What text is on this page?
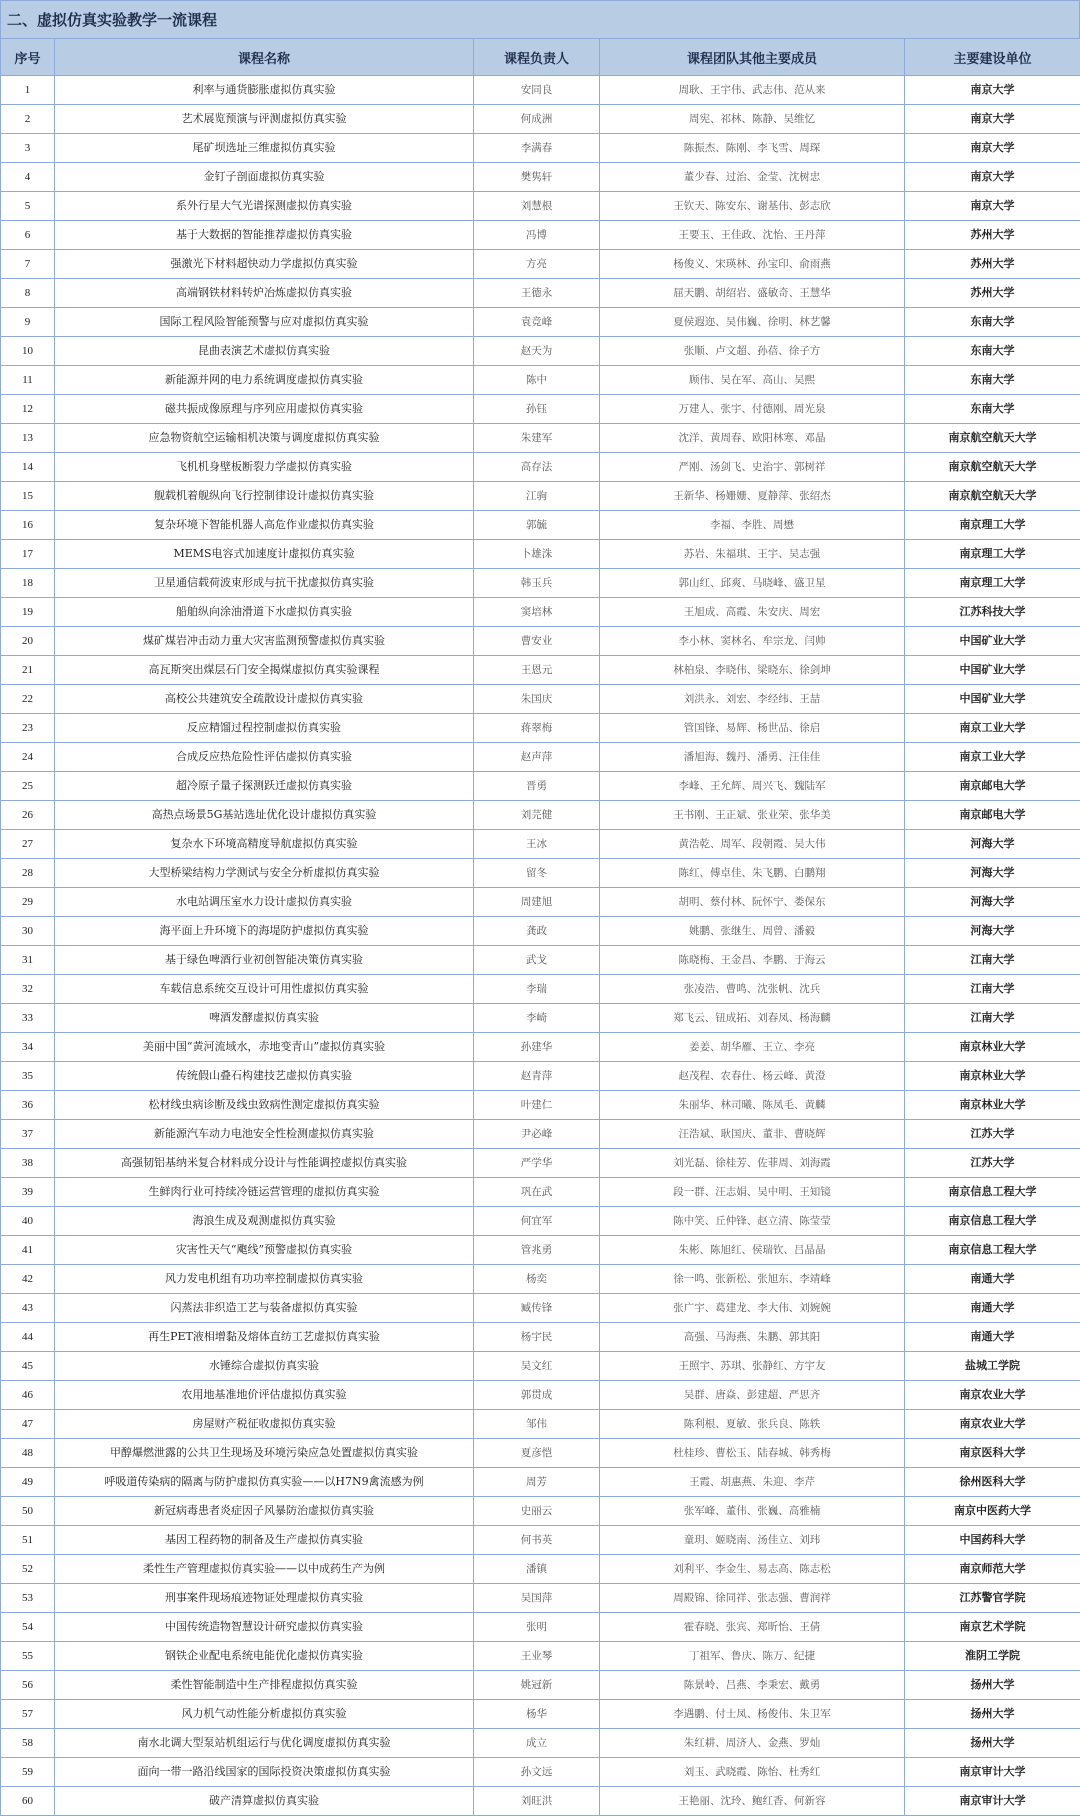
二、虚拟仿真实验教学一流课程
序号	课程名称	课程负责人	课程团队其他主要成员	主要建设单位
1	利率与通货膨胀虚拟仿真实验	安同良	周耿、王宇伟、武志伟、范从来	南京大学
2	艺术展览预演与评测虚拟仿真实验	何成洲	周宪、祁林、陈静、吴维忆	南京大学
3	尾矿坝选址三维虚拟仿真实验	李满春	陈振杰、陈刚、李飞雪、周琛	南京大学
4	金钉子剖面虚拟仿真实验	樊隽轩	董少春、过治、金莹、沈树忠	南京大学
5	系外行星大气光谱探测虚拟仿真实验	刘慧根	王钦天、陈安东、谢基伟、彭志欣	南京大学
6	基于大数据的智能推荐虚拟仿真实验	冯博	王要玉、王佳政、沈怡、王丹萍	苏州大学
7	强激光下材料超快动力学虚拟仿真实验	方亮	杨俊义、宋瑛林、孙宝印、俞雨燕	苏州大学
8	高端钢铁材料转炉冶炼虚拟仿真实验	王德永	屈天鹏、胡绍岩、盛敏奇、王慧华	苏州大学
9	国际工程风险智能预警与应对虚拟仿真实验	袁竞峰	夏侯遐迩、吴伟巍、徐明、林艺馨	东南大学
10	昆曲表演艺术虚拟仿真实验	赵天为	张顺、卢文超、孙蓓、徐子方	东南大学
11	新能源并网的电力系统调度虚拟仿真实验	陈中	顾伟、吴在军、高山、吴熙	东南大学
12	磁共振成像原理与序列应用虚拟仿真实验	孙钰	万建人、张宇、付德刚、周光泉	东南大学
13	应急物资航空运输相机决策与调度虚拟仿真实验	朱建军	沈洋、黄周春、欧阳林寒、邓晶	南京航空航天大学
14	飞机机身壁板断裂力学虚拟仿真实验	高存法	严刚、汤剑飞、史治宇、郭树祥	南京航空航天大学
15	舰载机着舰纵向飞行控制律设计虚拟仿真实验	江驹	王新华、杨姗姗、夏静萍、张绍杰	南京航空航天大学
16	复杂环境下智能机器人高危作业虚拟仿真实验	郭毓	李福、李胜、周懋	南京理工大学
17	MEMS电容式加速度计虚拟仿真实验	卜雄洙	苏岩、朱福琪、王宇、吴志强	南京理工大学
18	卫星通信载荷波束形成与抗干扰虚拟仿真实验	韩玉兵	郭山红、邱爽、马晓峰、盛卫星	南京理工大学
19	船舶纵向涂油滑道下水虚拟仿真实验	窦培林	王旭成、高霞、朱安庆、周宏	江苏科技大学
20	煤矿煤岩冲击动力重大灾害监测预警虚拟仿真实验	曹安业	李小林、窦林名、牟宗龙、闫帅	中国矿业大学
21	高瓦斯突出煤层石门安全揭煤虚拟仿真实验课程	王恩元	林柏泉、李晓伟、梁晓东、徐剑坤	中国矿业大学
22	高校公共建筑安全疏散设计虚拟仿真实验	朱国庆	刘洪永、刘宏、李经纬、王喆	中国矿业大学
23	反应精馏过程控制虚拟仿真实验	蒋翠梅	管国锋、易辉、杨世品、徐启	南京工业大学
24	合成反应热危险性评估虚拟仿真实验	赵声萍	潘旭海、魏丹、潘勇、汪佳佳	南京工业大学
25	超冷原子量子探测跃迁虚拟仿真实验	晋勇	李峰、王允辉、周兴飞、魏陆军	南京邮电大学
26	高热点场景5G基站选址优化设计虚拟仿真实验	刘芫健	王书刚、王正斌、张业荣、张华美	南京邮电大学
27	复杂水下环境高精度导航虚拟仿真实验	王冰	黄浩乾、周军、段朝霞、吴大伟	河海大学
28	大型桥梁结构力学测试与安全分析虚拟仿真实验	留冬	陈红、傅卓佳、朱飞鹏、白鹏翔	河海大学
29	水电站调压室水力设计虚拟仿真实验	周建旭	胡明、蔡付林、阮怀宁、娄保东	河海大学
30	海平面上升环境下的海堤防护虚拟仿真实验	龚政	姚鹏、张继生、周曾、潘毅	河海大学
31	基于绿色啤酒行业初创智能决策仿真实验	武戈	陈晓梅、王金昌、李鹏、于海云	江南大学
32	车载信息系统交互设计可用性虚拟仿真实验	李瑞	张凌浩、曹鸣、沈张帆、沈兵	江南大学
33	啤酒发酵虚拟仿真实验	李崎	郑飞云、钮成拓、刘春凤、杨海麟	江南大学
34	美丽中国“黄河流域水，赤地变青山”虚拟仿真实验	孙建华	姜姜、胡华雁、王立、李亮	南京林业大学
35	传统假山叠石构建技艺虚拟仿真实验	赵青萍	赵茂程、农春仕、杨云峰、黄澄	南京林业大学
36	松材线虫病诊断及线虫致病性测定虚拟仿真实验	叶建仁	朱丽华、林司曦、陈凤毛、黄麟	南京林业大学
37	新能源汽车动力电池安全性检测虚拟仿真实验	尹必峰	汪浩斌、耿国庆、董非、曹晓辉	江苏大学
38	高强韧铝基纳米复合材料成分设计与性能调控虚拟仿真实验	严学华	刘光磊、徐桂芳、佐菲周、刘海霞	江苏大学
39	生鲜肉行业可持续冷链运营管理的虚拟仿真实验	巩在武	段一群、汪志娟、吴中明、王知镜	南京信息工程大学
40	海浪生成及观测虚拟仿真实验	何宜军	陈中笑、丘仲锋、赵立清、陈莹莹	南京信息工程大学
41	灾害性天气“飑线”预警虚拟仿真实验	管兆勇	朱彬、陈旭红、侯瑞钦、吕晶晶	南京信息工程大学
42	风力发电机组有功功率控制虚拟仿真实验	杨奕	徐一鸣、张新松、张旭东、李靖峰	南通大学
43	闪蒸法非织造工艺与装备虚拟仿真实验	臧传锋	张广宇、葛建龙、李大伟、刘婉婉	南通大学
44	再生PET液相增黏及熔体直纺工艺虚拟仿真实验	杨宇民	高强、马海燕、朱鹏、郭其阳	南通大学
45	水锤综合虚拟仿真实验	吴文红	王照宇、苏琪、张静红、方宇友	盐城工学院
46	农用地基准地价评估虚拟仿真实验	郭贯成	吴群、唐焱、彭建超、严思齐	南京农业大学
47	房屋财产税征收虚拟仿真实验	邹伟	陈利根、夏敏、张兵良、陈轶	南京农业大学
48	甲醇爆燃泄露的公共卫生现场及环境污染应急处置虚拟仿真实验	夏彦恺	杜桂珍、曹松玉、陆春城、韩秀梅	南京医科大学
49	呼吸道传染病的隔离与防护虚拟仿真实验——以H7N9禽流感为例	周芳	王霞、胡惠燕、朱迎、李芹	徐州医科大学
50	新冠病毒患者炎症因子风暴防治虚拟仿真实验	史丽云	张军峰、董伟、张巍、高雅楠	南京中医药大学
51	基因工程药物的制备及生产虚拟仿真实验	何书英	童玥、姬晓南、汤佳立、刘玮	中国药科大学
52	柔性生产管理虚拟仿真实验——以中成药生产为例	潘镇	刘利平、李金生、易志高、陈志松	南京师范大学
53	刑事案件现场痕迹物证处理虚拟仿真实验	吴国萍	周殿锦、徐同祥、张志强、曹润祥	江苏警官学院
54	中国传统造物智慧设计研究虚拟仿真实验	张明	霍春晓、张宾、郑昕怡、王倩	南京艺术学院
55	钢铁企业配电系统电能优化虚拟仿真实验	王业琴	丁祖军、鲁庆、陈万、纪捷	淮阴工学院
56	柔性智能制造中生产排程虚拟仿真实验	姚冠新	陈景岭、吕燕、李秉宏、戴勇	扬州大学
57	风力机气动性能分析虚拟仿真实验	杨华	李遇鹏、付士凤、杨俊伟、朱卫军	扬州大学
58	南水北调大型泵站机组运行与优化调度虚拟仿真实验	成立	朱红耕、周济人、金燕、罗灿	扬州大学
59	面向一带一路沿线国家的国际投资决策虚拟仿真实验	孙文远	刘玉、武晓霞、陈怡、杜秀红	南京审计大学
60	破产清算虚拟仿真实验	刘旺洪	王艳丽、沈玲、鲍红香、何新容	南京审计大学
